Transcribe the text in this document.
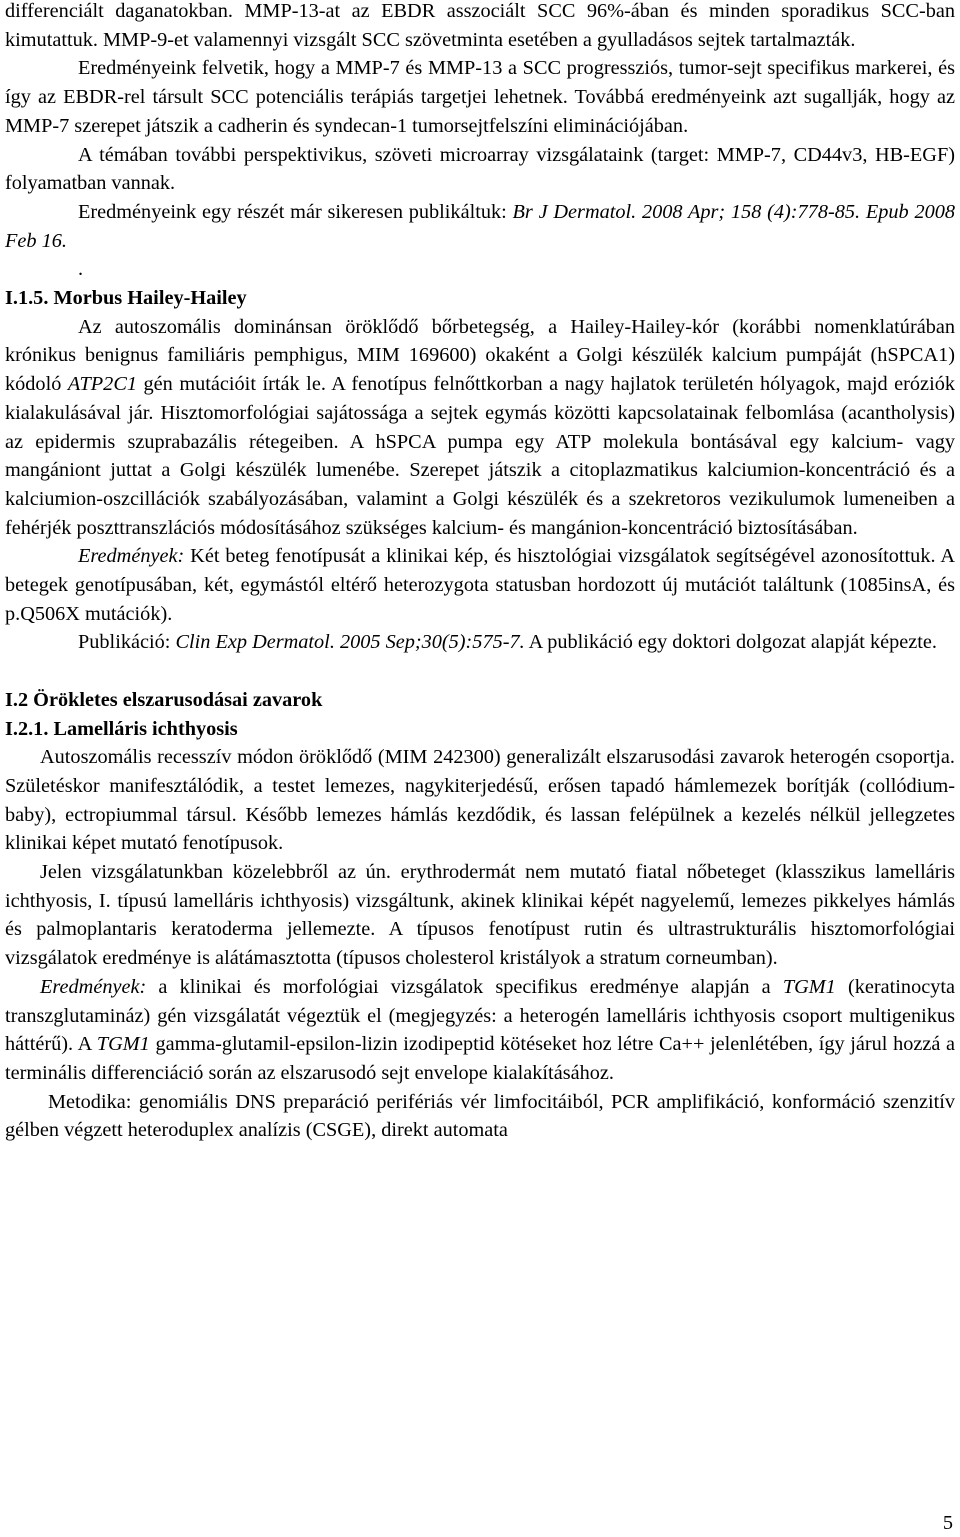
differenciált daganatokban. MMP-13-at az EBDR asszociált SCC 96%-ában és minden sporadikus SCC-ban kimutattuk. MMP-9-et valamennyi vizsgált SCC szövetminta esetében a gyulladásos sejtek tartalmazták.

Eredményeink felvetik, hogy a MMP-7 és MMP-13 a SCC progressziós, tumor-sejt specifikus markerei, és így az EBDR-rel társult SCC potenciális terápiás targetjei lehetnek. Továbbá eredményeink azt sugallják, hogy az MMP-7 szerepet játszik a cadherin és syndecan-1 tumorsejtfelszíni eliminációjában.

A témában további perspektivikus, szöveti microarray vizsgálataink (target: MMP-7, CD44v3, HB-EGF) folyamatban vannak.

Eredményeink egy részét már sikeresen publikáltuk: Br J Dermatol. 2008 Apr; 158 (4):778-85. Epub 2008 Feb 16.

.

I.1.5. Morbus Hailey-Hailey

Az autoszomális dominánsan öröklődő bőrbetegség, a Hailey-Hailey-kór (korábbi nomenklatúrában krónikus benignus familiáris pemphigus, MIM 169600) okaként a Golgi készülék kalcium pumpáját (hSPCA1) kódoló ATP2C1 gén mutációit írták le. A fenotípus felnőttkorban a nagy hajlatok területén hólyagok, majd eróziók kialakulásával jár. Hisztomorfológiai sajátossága a sejtek egymás közötti kapcsolatainak felbomlása (acantholysis) az epidermis szuprabazális rétegeiben. A hSPCA pumpa egy ATP molekula bontásával egy kalcium- vagy mangániont juttat a Golgi készülék lumenébe. Szerepet játszik a citoplazmatikus kalciumion-koncentráció és a kalciumion-oszcillációk szabályozásában, valamint a Golgi készülék és a szekretoros vezikulumok lumeneiben a fehérjék poszttranszlációs módosításához szükséges kalcium- és mangánion-koncentráció biztosításában.

Eredmények: Két beteg fenotípusát a klinikai kép, és hisztológiai vizsgálatok segítségével azonosítottuk. A betegek genotípusában, két, egymástól eltérő heterozygota statusban hordozott új mutációt találtunk (1085insA, és p.Q506X mutációk).

Publikáció: Clin Exp Dermatol. 2005 Sep;30(5):575-7. A publikáció egy doktori dolgozat alapját képezte.

I.2 Örökletes elszarusodásai zavarok

I.2.1. Lamelláris ichthyosis

Autoszomális recesszív módon öröklődő (MIM 242300) generalizált elszarusodási zavarok heterogén csoportja. Születéskor manifesztálódik, a testet lemezes, nagykiterjedésű, erősen tapadó hámlemezek borítják (collódium-baby), ectropiummal társul. Később lemezes hámlás kezdődik, és lassan felépülnek a kezelés nélkül jellegzetes klinikai képet mutató fenotípusok.

Jelen vizsgálatunkban közelebbről az ún. erythrodermát nem mutató fiatal nőbeteget (klasszikus lamelláris ichthyosis, I. típusú lamelláris ichthyosis) vizsgáltunk, akinek klinikai képét nagyelemű, lemezes pikkelyes hámlás és palmoplantaris keratoderma jellemezte. A típusos fenotípust rutin és ultrastrukturális hisztomorfológiai vizsgálatok eredménye is alátámasztotta (típusos cholesterol kristályok a stratum corneumban).

Eredmények: a klinikai és morfológiai vizsgálatok specifikus eredménye alapján a TGM1 (keratinocyta transzglutamináz) gén vizsgálatát végeztük el (megjegyzés: a heterogén lamelláris ichthyosis csoport multigenikus háttérű). A TGM1 gamma-glutamil-epsilon-lizin izodipeptid kötéseket hoz létre Ca++ jelenlétében, így járul hozzá a terminális differenciáció során az elszarusodó sejt envelope kialakításához.

Metodika: genomiális DNS preparáció perifériás vér limfocitáiból, PCR amplifikáció, konformáció szenzitív gélben végzett heteroduplex analízis (CSGE), direkt automata

5
